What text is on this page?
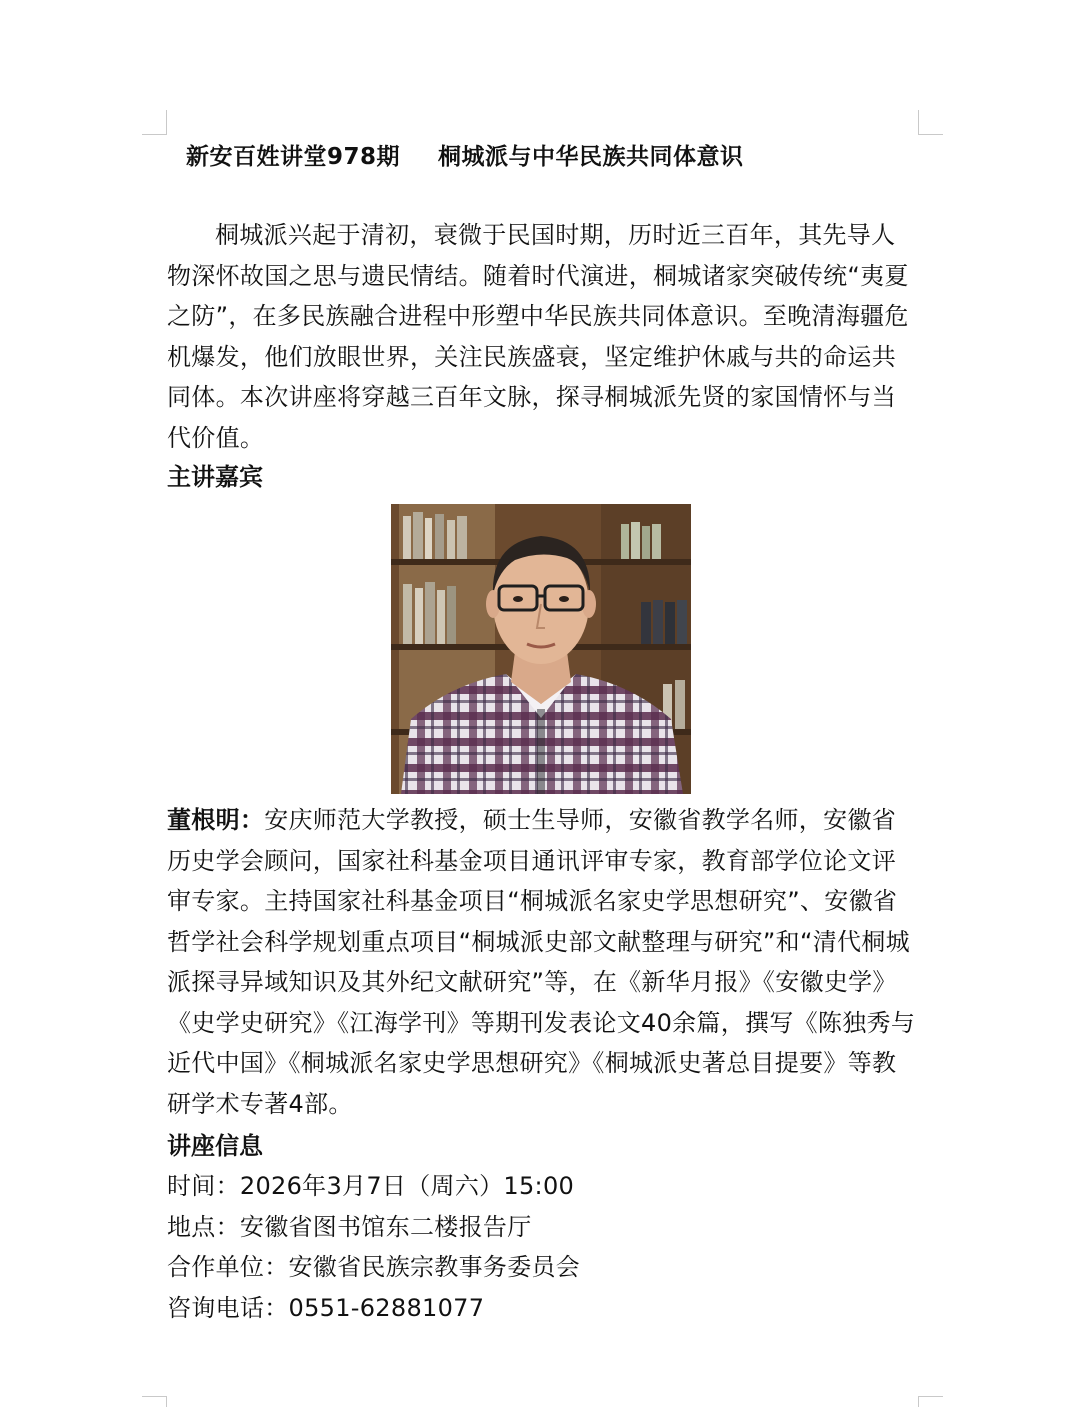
新安百姓讲堂978期 桐城派与中华民族共同体意识

桐城派兴起于清初，衰微于民国时期，历时近三百年，其先导人物深怀故国之思与遗民情结。随着时代演进，桐城诸家突破传统“夷夏之防”，在多民族融合进程中形塑中华民族共同体意识。至晚清海疆危机爆发，他们放眼世界，关注民族盛衰，坚定维护休戚与共的命运共同体。本次讲座将穿越三百年文脉，探寻桐城派先贤的家国情怀与当代价值。

主讲嘉宾

董根明：安庆师范大学教授，硕士生导师，安徽省教学名师，安徽省历史学会顾问，国家社科基金项目通讯评审专家，教育部学位论文评审专家。主持国家社科基金项目“桐城派名家史学思想研究”、安徽省哲学社会科学规划重点项目“桐城派史部文献整理与研究”和“清代桐城派探寻异域知识及其外纪文献研究”等，在《新华月报》《安徽史学》《史学史研究》《江海学刊》等期刊发表论文40余篇，撰写《陈独秀与近代中国》《桐城派名家史学思想研究》《桐城派史著总目提要》等教研学术专著4部。

讲座信息
时间：2026年3月7日（周六）15:00
地点：安徽省图书馆东二楼报告厅
合作单位：安徽省民族宗教事务委员会
咨询电话：0551-62881077
